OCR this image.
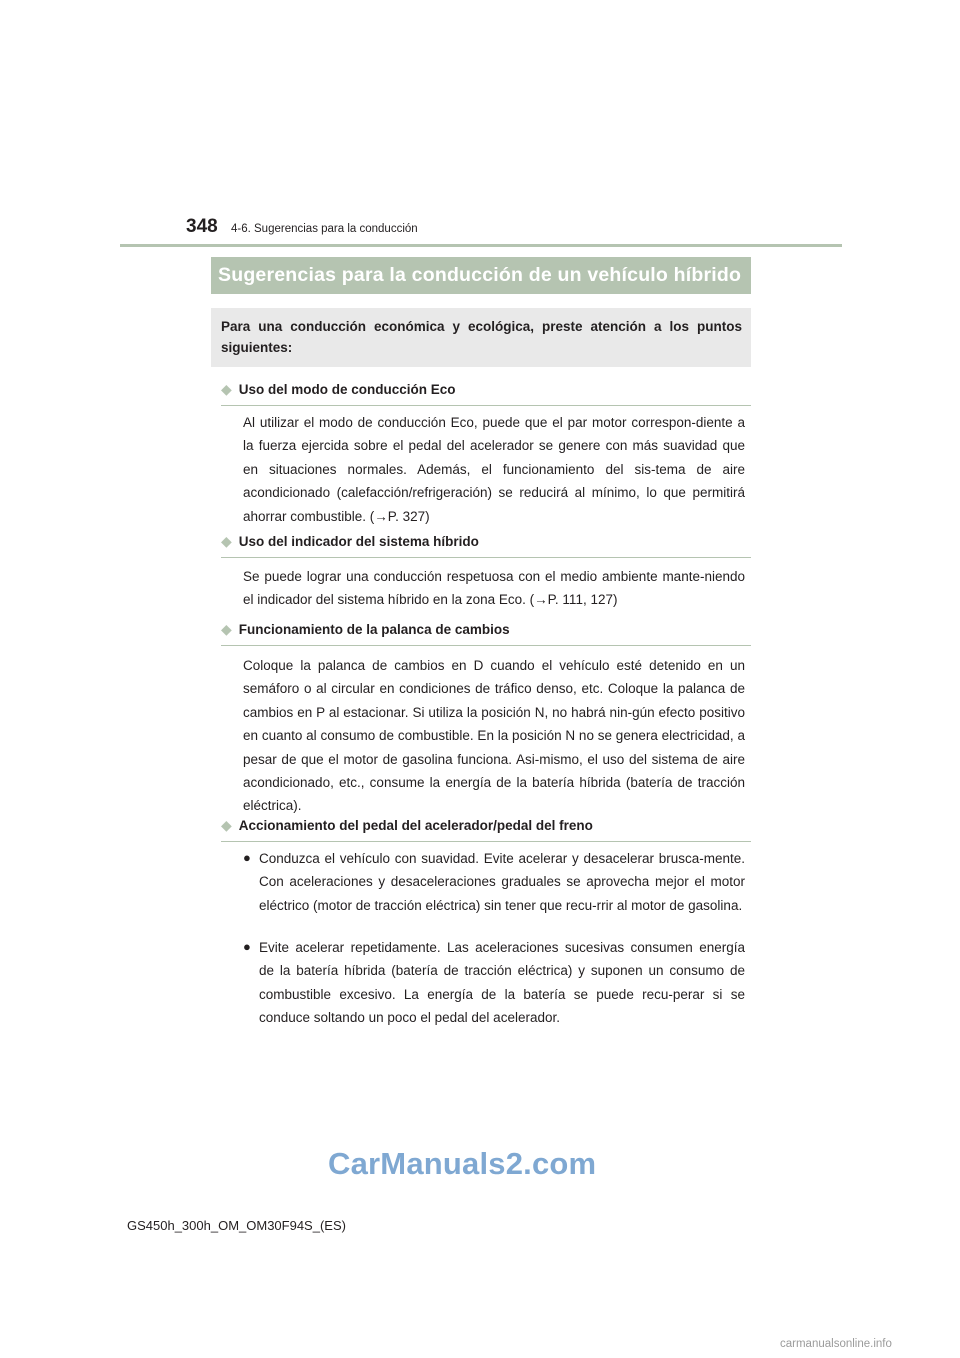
348 4-6. Sugerencias para la conducción
Sugerencias para la conducción de un vehículo híbrido
Para una conducción económica y ecológica, preste atención a los puntos siguientes:
◆ Uso del modo de conducción Eco
Al utilizar el modo de conducción Eco, puede que el par motor correspon-diente a la fuerza ejercida sobre el pedal del acelerador se genere con más suavidad que en situaciones normales. Además, el funcionamiento del sis-tema de aire acondicionado (calefacción/refrigeración) se reducirá al mínimo, lo que permitirá ahorrar combustible. (→P. 327)
◆ Uso del indicador del sistema híbrido
Se puede lograr una conducción respetuosa con el medio ambiente mante-niendo el indicador del sistema híbrido en la zona Eco. (→P. 111, 127)
◆ Funcionamiento de la palanca de cambios
Coloque la palanca de cambios en D cuando el vehículo esté detenido en un semáforo o al circular en condiciones de tráfico denso, etc. Coloque la palanca de cambios en P al estacionar. Si utiliza la posición N, no habrá nin-gún efecto positivo en cuanto al consumo de combustible. En la posición N no se genera electricidad, a pesar de que el motor de gasolina funciona. Asi-mismo, el uso del sistema de aire acondicionado, etc., consume la energía de la batería híbrida (batería de tracción eléctrica).
◆ Accionamiento del pedal del acelerador/pedal del freno
● Conduzca el vehículo con suavidad. Evite acelerar y desacelerar brusca-mente. Con aceleraciones y desaceleraciones graduales se aprovecha mejor el motor eléctrico (motor de tracción eléctrica) sin tener que recu-rrir al motor de gasolina.
● Evite acelerar repetidamente. Las aceleraciones sucesivas consumen energía de la batería híbrida (batería de tracción eléctrica) y suponen un consumo de combustible excesivo. La energía de la batería se puede recu-perar si se conduce soltando un poco el pedal del acelerador.
CarManuals2.com
GS450h_300h_OM_OM30F94S_(ES)
carmanualsonline.info
